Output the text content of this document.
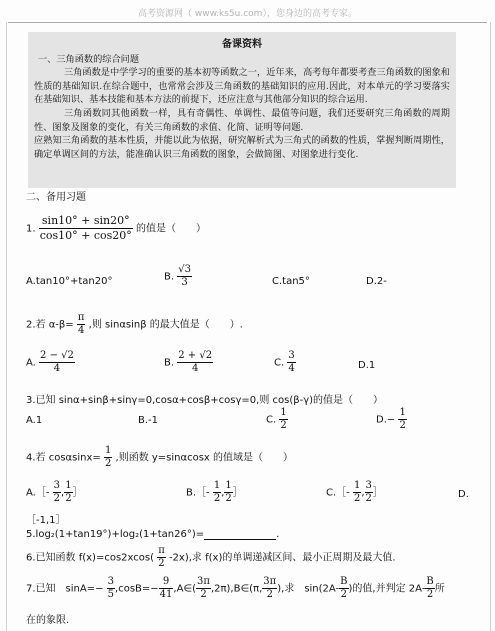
高考资源网（ www.ks5u.com），您身边的高考专家。
备课资料
一、三角函数的综合问题

三角函数是中学学习的重要的基本初等函数之一，近年来，高考每年都要考查三角函数的图象和性质的基础知识.在综合题中，也常常会涉及三角函数的基础知识的应用.因此，对本单元的学习要落实在基础知识、基本技能和基本方法的前提下，还应注意与其他部分知识的综合运用.

三角函数同其他函数一样，具有奇偶性、单调性、最值等问题，我们还要研究三角函数的周期性、图象及图象的变化，有关三角函数的求值、化简、证明等问题.

应熟知三角函数的基本性质，并能以此为依据，研究解析式为三角式的函数的性质，掌握判断周期性，确定单调区间的方法，能准确认识三角函数的图象，会做简图、对图象进行变化.

二、备用习题
1. $\frac{\sin 10^\circ + \sin 20^\circ}{\cos 10^\circ + \cos 20^\circ}$ 的值是（　　）
A.tan10°+tan20°	B. $\frac{√3}{3}$	C.tan5°	D.2-
2.若 $\alpha-\beta= \frac{\pi}{4}$ ,则 sinαsinβ 的最大值是（　　）.
A. $\frac{2 - √2}{4}$	B. $\frac{2 + √2}{4}$	C. $\frac{3}{4}$	D.1
3.已知 sinα+sinβ+sinγ=0,cosα+cosβ+cosγ=0,则 cos(β-γ)的值是（　　）
A.1	B.-1	C. $\frac{1}{2}$	$D.- \frac{1}{2}$
4.若 $\cos\alpha\sin x= \frac{1}{2}$ ,则函数 y=sinαcosx 的值域是（　　）
A.［- $\frac{3}{2}$ , $\frac{1}{2}$ ］	B.［- $\frac{1}{2}$ , $\frac{1}{2}$ ］	C.［- $\frac{1}{2}$ , $\frac{3}{2}$ ］	D.
［-1,1］
5.log₂(1+tan19°)+log₂(1+tan26°)=	.
6.已知函数 $f(x)=\cos 2xcos( \frac{\pi}{2} -2x)$,求 f(x)的单调递减区间、最小正周期及最大值.
7.已知　$\sin A=- \frac{3}{5} ,\cos B=- \frac{9}{41}$ ,A∈( $\frac{3\pi}{2}$ ,2π),B∈(π, $\frac{3\pi}{2}$ ),求　$\sin(2A- \frac{B}{2}$ )的值,并判定 $2A- \frac{B}{2}$ 所
在的象限.
